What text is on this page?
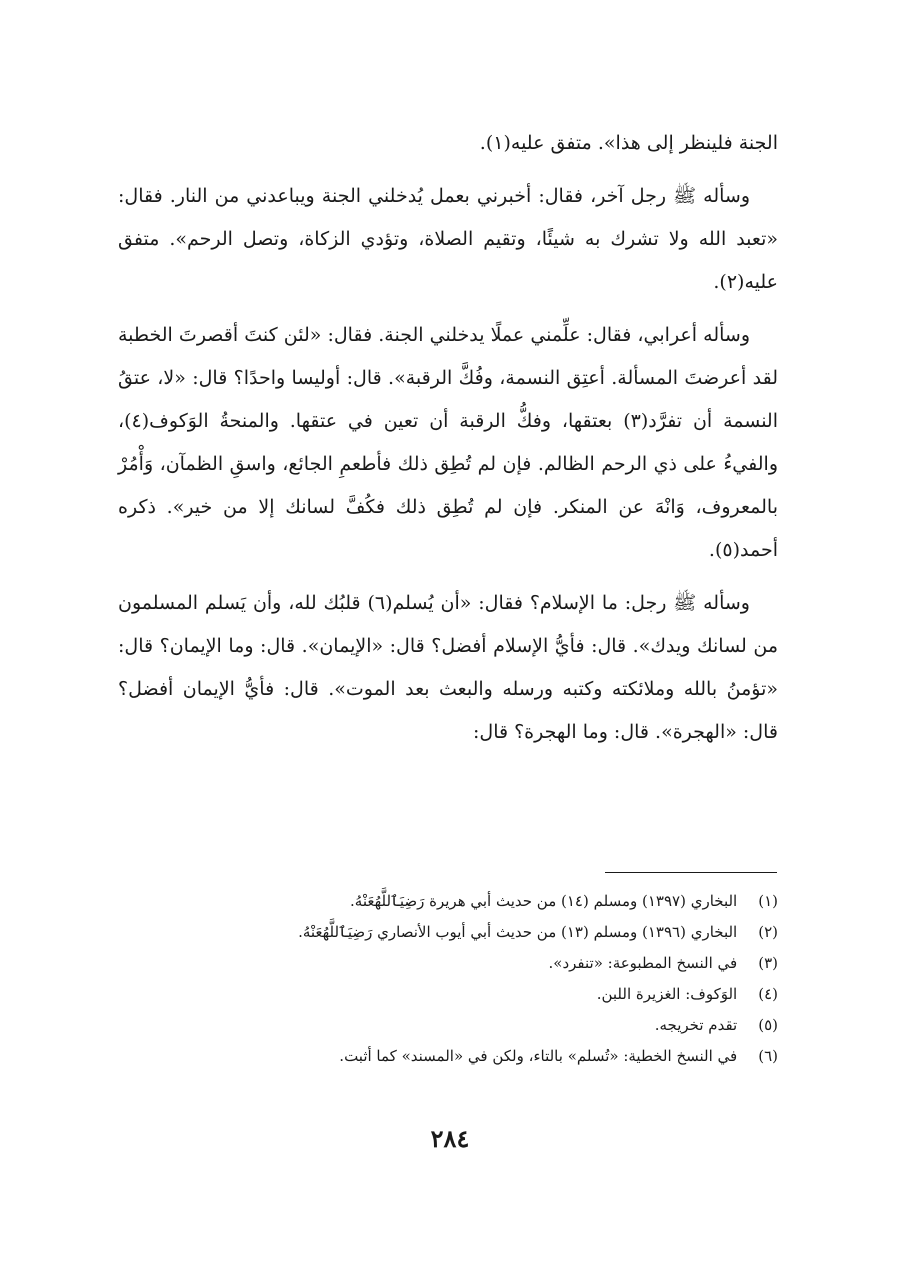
الجنة فلينظر إلى هذا». متفق عليه(١).

وسأله ﷺ رجل آخر، فقال: أخبرني بعمل يُدخلني الجنة ويباعدني من النار. فقال: «تعبد الله ولا تشرك به شيئًا، وتقيم الصلاة، وتؤدي الزكاة، وتصل الرحم». متفق عليه(٢).

وسأله أعرابي، فقال: علِّمني عملًا يدخلني الجنة. فقال: «لئن كنتَ أقصرتَ الخطبة لقد أعرضتَ المسألة. أعتِق النسمة، وفُكَّ الرقبة». قال: أوليسا واحدًا؟ قال: «لا، عتقُ النسمة أن تفرَّد(٣) بعتقها، وفكُّ الرقبة أن تعين في عتقها. والمنحةُ الوَكوف(٤)، والفيءُ على ذي الرحم الظالم. فإن لم تُطِق ذلك فأطعمِ الجائع، واسقِ الظمآن، وَأْمُرْ بالمعروف، وَانْهَ عن المنكر. فإن لم تُطِق ذلك فكُفَّ لسانك إلا من خير». ذكره أحمد(٥).

وسأله ﷺ رجل: ما الإسلام؟ فقال: «أن يُسلم(٦) قلبُك لله، وأن يَسلم المسلمون من لسانك ويدك». قال: فأيُّ الإسلام أفضل؟ قال: «الإيمان». قال: وما الإيمان؟ قال: «تؤمنُ بالله وملائكته وكتبه ورسله والبعث بعد الموت». قال: فأيُّ الإيمان أفضل؟ قال: «الهجرة». قال: وما الهجرة؟ قال:

(١) البخاري (١٣٩٧) ومسلم (١٤) من حديث أبي هريرة رَضِيَٱللَّهُعَنْهُ.
(٢) البخاري (١٣٩٦) ومسلم (١٣) من حديث أبي أيوب الأنصاري رَضِيَٱللَّهُعَنْهُ.
(٣) في النسخ المطبوعة: «تنفرد».
(٤) الوَكوف: الغزيرة اللبن.
(٥) تقدم تخريجه.
(٦) في النسخ الخطية: «تُسلم» بالتاء، ولكن في «المسند» كما أثبت.
٢٨٤
